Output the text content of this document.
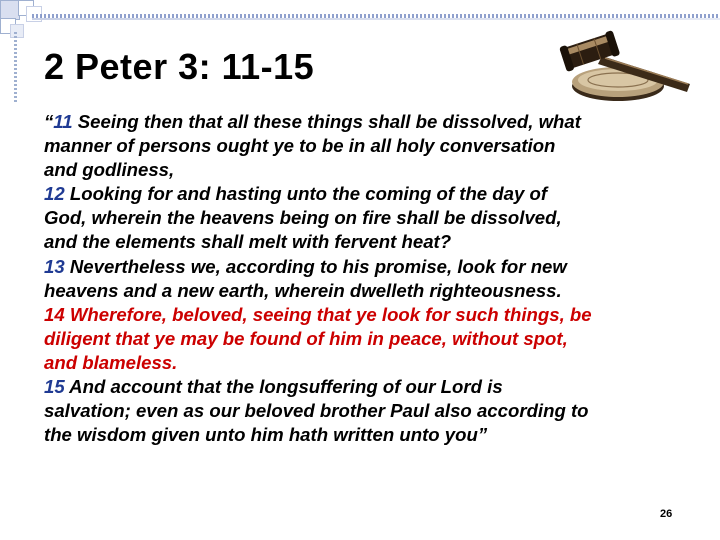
2 Peter 3: 11-15
“11 Seeing then that all these things shall be dissolved, what
manner of persons ought ye to be in all holy conversation
and godliness,
12 Looking for and hasting unto the coming of the day of
God, wherein the heavens being on fire shall be dissolved,
and the elements shall melt with fervent heat?
13 Nevertheless we, according to his promise, look for new
heavens and a new earth, wherein dwelleth righteousness.
14 Wherefore, beloved, seeing that ye look for such things, be
diligent that ye may be found of him in peace, without spot,
and blameless.
15 And account that the longsuffering of our Lord is
salvation; even as our beloved brother Paul also according to
the wisdom given unto him hath written unto you”
26
